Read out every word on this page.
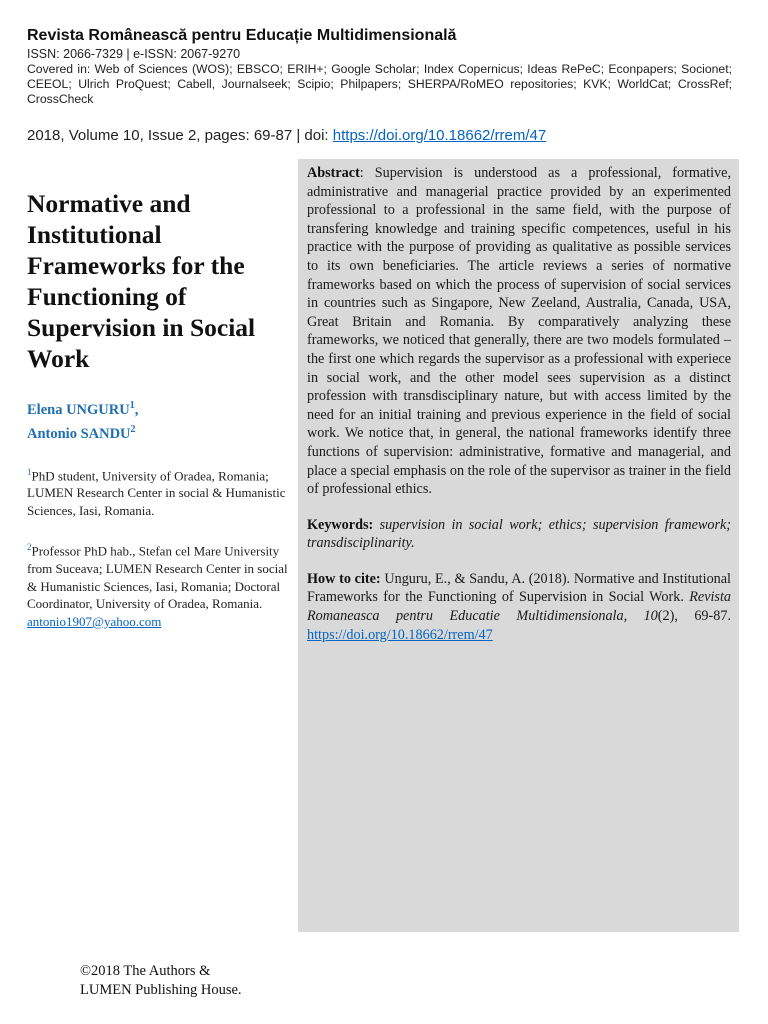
Revista Românească pentru Educație Multidimensională

ISSN: 2066-7329 | e-ISSN: 2067-9270

Covered in: Web of Sciences (WOS); EBSCO; ERIH+; Google Scholar; Index Copernicus; Ideas RePeC; Econpapers; Socionet; CEEOL; Ulrich ProQuest; Cabell, Journalseek; Scipio; Philpapers; SHERPA/RoMEO repositories; KVK; WorldCat; CrossRef; CrossCheck

2018, Volume 10, Issue 2, pages: 69-87 | doi: https://doi.org/10.18662/rrem/47
Normative and Institutional Frameworks for the Functioning of Supervision in Social Work
Elena UNGURU$^1$,
Antonio SANDU$^2$
$^1$PhD student, University of Oradea, Romania; LUMEN Research Center in social & Humanistic Sciences, Iasi, Romania.
$^2$Professor PhD hab., Stefan cel Mare University from Suceava; LUMEN Research Center in social & Humanistic Sciences, Iasi, Romania; Doctoral Coordinator, University of Oradea, Romania. antonio1907@yahoo.com

Abstract: Supervision is understood as a professional, formative, administrative and managerial practice provided by an experimented professional to a professional in the same field, with the purpose of transfering knowledge and training specific competences, useful in his practice with the purpose of providing as qualitative as possible services to its own beneficiaries. The article reviews a series of normative frameworks based on which the process of supervision of social services in countries such as Singapore, New Zeeland, Australia, Canada, USA, Great Britain and Romania. By comparatively analyzing these frameworks, we noticed that generally, there are two models formulated – the first one which regards the supervisor as a professional with experiece in social work, and the other model sees supervision as a distinct profession with transdisciplinary nature, but with access limited by the need for an initial training and previous experience in the field of social work. We notice that, in general, the national frameworks identify three functions of supervision: administrative, formative and managerial, and place a special emphasis on the role of the supervisor as trainer in the field of professional ethics.

Keywords: supervision in social work; ethics; supervision framework; transdisciplinarity.

How to cite: Unguru, E., & Sandu, A. (2018). Normative and Institutional Frameworks for the Functioning of Supervision in Social Work. Revista Romaneasca pentru Educatie Multidimensionala, 10(2), 69-87. https://doi.org/10.18662/rrem/47

©2018 The Authors &
LUMEN Publishing House.
